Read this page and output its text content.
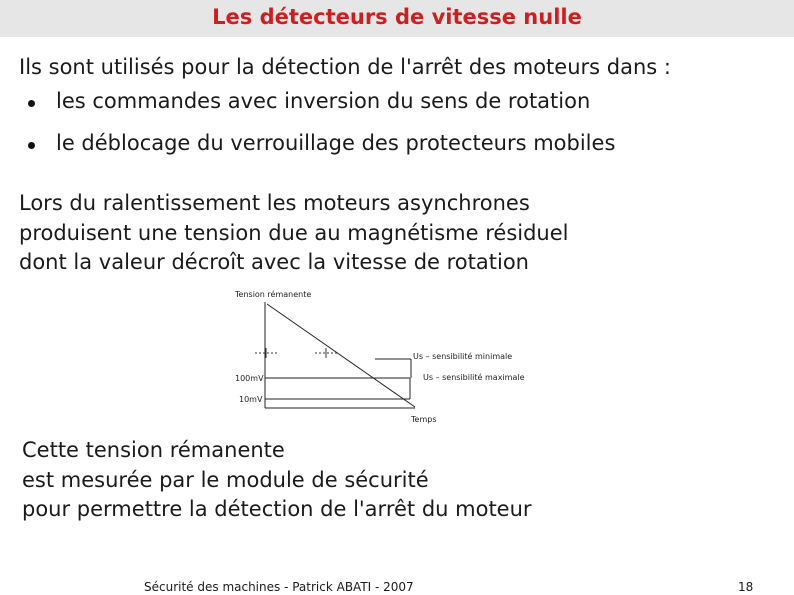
Les détecteurs de vitesse nulle
Ils sont utilisés pour la détection de l'arrêt des moteurs dans :
les commandes avec inversion du sens de rotation
le déblocage du verrouillage des protecteurs mobiles
Lors du ralentissement les moteurs asynchrones
produisent une tension due au magnétisme résiduel
dont la valeur décroît avec la vitesse de rotation
Tension rémanente
Temps
100mV
10mV
Us – sensibilité minimale
Us – sensibilité maximale
Cette tension rémanente
est mesurée par le module de sécurité
pour permettre la détection de l'arrêt du moteur
Sécurité des machines - Patrick ABATI - 2007	18
